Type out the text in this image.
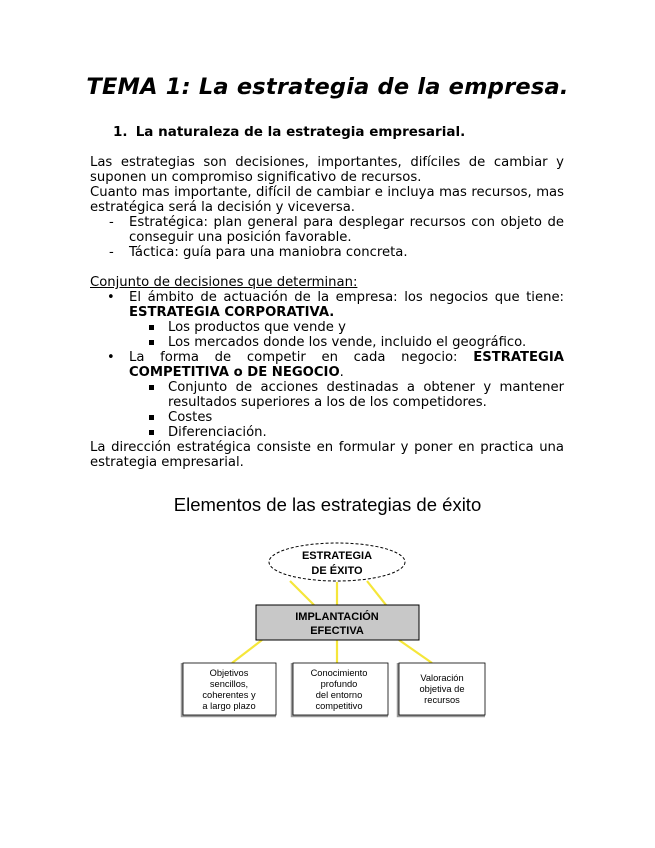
TEMA 1: La estrategia de la empresa.
1. La naturaleza de la estrategia empresarial.

Las estrategias son decisiones, importantes, difíciles de cambiar y suponen un compromiso significativo de recursos.

Cuanto mas importante, difícil de cambiar e incluya mas recursos, mas estratégica será la decisión y viceversa.

- Estratégica: plan general para desplegar recursos con objeto de conseguir una posición favorable.
- Táctica: guía para una maniobra concreta.
Conjunto de decisiones que determinan:
• El ámbito de actuación de la empresa: los negocios que tiene: ESTRATEGIA CORPORATIVA.
Los productos que vende y
Los mercados donde los vende, incluido el geográfico.
• La forma de competir en cada negocio: ESTRATEGIA COMPETITIVA o DE NEGOCIO.
Conjunto de acciones destinadas a obtener y mantener resultados superiores a los de los competidores.
Costes
Diferenciación.

La dirección estratégica consiste en formular y poner en practica una estrategia empresarial.

Elementos de las estrategias de éxito
ESTRATEGIA
DE ÉXITO
IMPLANTACIÓN
EFECTIVA
Objetivos
sencillos,
coherentes y
a largo plazo
Conocimiento
profundo
del entorno
competitivo
Valoración
objetiva de
recursos
